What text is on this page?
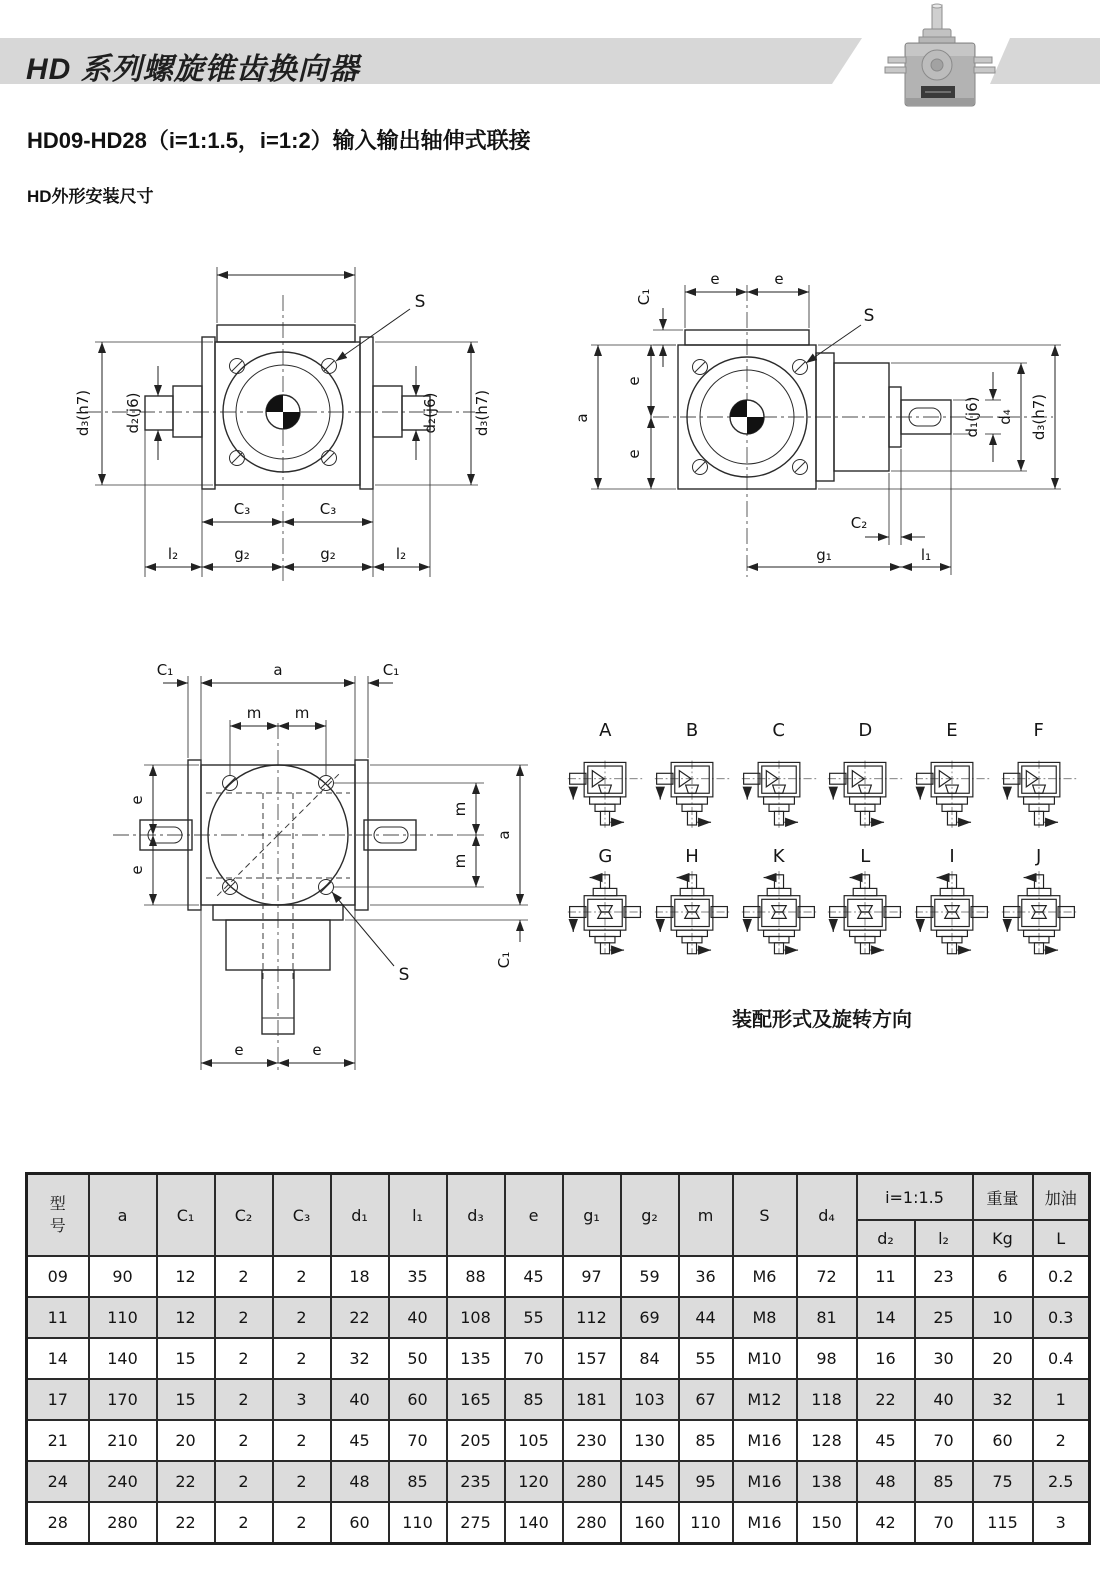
HD 系列螺旋锥齿换向器
HD09-HD28（i=1:1.5，i=1:2）输入输出轴伸式联接
HD外形安装尺寸
S
d₃(h7) d₂(j6)	d₂(j6) d₃(h7)
C₃	C₃
l₂	g₂	g₂	l₂
S
C₁
e	e
a
e
e
d₁(j6) d₄ d₃(h7)
C₂
g₁	l₁
C₁	a	C₁
m m
e
e
m
m
a
C₁
e	e
S
A	B	C	D	E	F
G	H	K	L	I	J
装配形式及旋转方向
型号	a	C₁	C₂	C₃	d₁	l₁	d₃	e	g₁	g₂	m	S	d₄	i=1:1.5		重量	加油
														d₂	l₂	Kg	L
09	90	12	2	2	18	35	88	45	97	59	36	M6	72	11	23	6	0.2
11	110	12	2	2	22	40	108	55	112	69	44	M8	81	14	25	10	0.3
14	140	15	2	2	32	50	135	70	157	84	55	M10	98	16	30	20	0.4
17	170	15	2	3	40	60	165	85	181	103	67	M12	118	22	40	32	1
21	210	20	2	2	45	70	205	105	230	130	85	M16	128	45	70	60	2
24	240	22	2	2	48	85	235	120	280	145	95	M16	138	48	85	75	2.5
28	280	22	2	2	60	110	275	140	280	160	110	M16	150	42	70	115	3
